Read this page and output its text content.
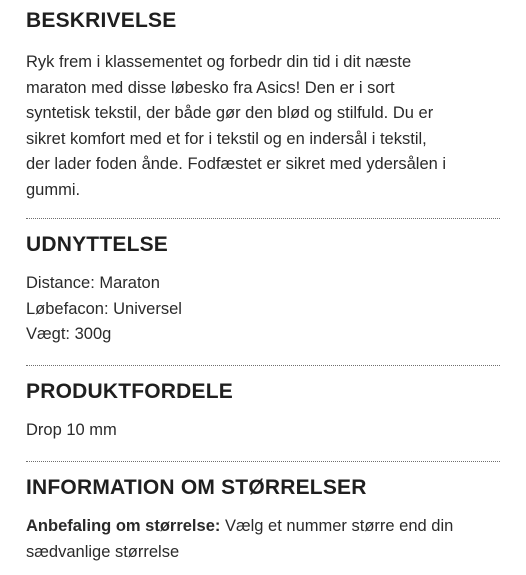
BESKRIVELSE

Ryk frem i klassementet og forbedr din tid i dit næste

maraton med disse løbesko fra Asics! Den er i sort

syntetisk tekstil, der både gør den blød og stilfuld. Du er

sikret komfort med et for i tekstil og en indersål i tekstil,

der lader foden ånde. Fodfæstet er sikret med ydersålen i

gummi.

UDNYTTELSE

Distance: Maraton

Løbefacon: Universel

Vægt: 300g

PRODUKTFORDELE

Drop 10 mm

INFORMATION OM STØRRELSER

Anbefaling om størrelse: Vælg et nummer større end din

sædvanlige størrelse
